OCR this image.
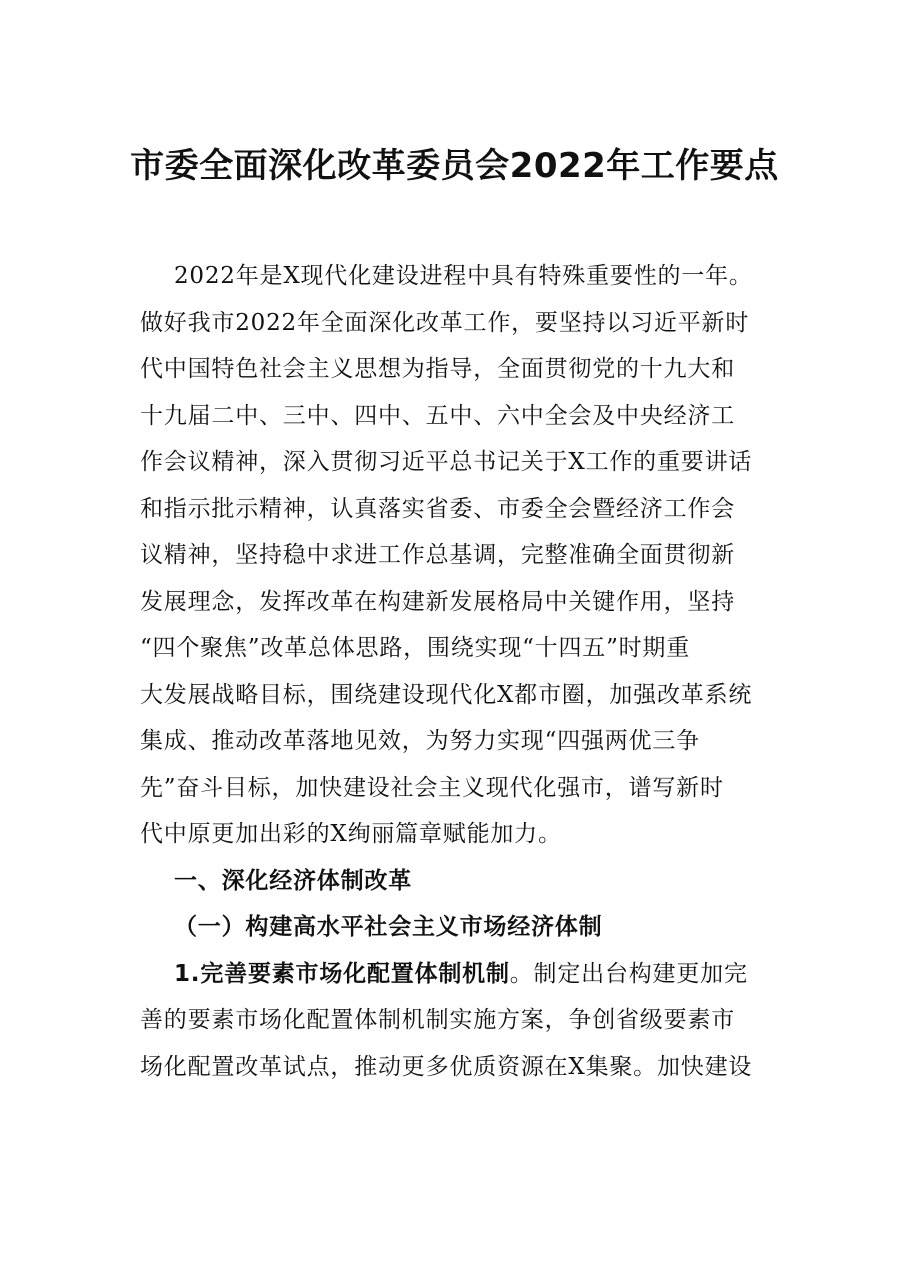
市委全面深化改革委员会2022年工作要点
2022年是X现代化建设进程中具有特殊重要性的一年。
做好我市2022年全面深化改革工作，要坚持以习近平新时
代中国特色社会主义思想为指导，全面贯彻党的十九大和
十九届二中、三中、四中、五中、六中全会及中央经济工
作会议精神，深入贯彻习近平总书记关于X工作的重要讲话
和指示批示精神，认真落实省委、市委全会暨经济工作会
议精神，坚持稳中求进工作总基调，完整准确全面贯彻新
发展理念，发挥改革在构建新发展格局中关键作用，坚持
“四个聚焦”改革总体思路，围绕实现“十四五”时期重
大发展战略目标，围绕建设现代化X都市圈，加强改革系统
集成、推动改革落地见效，为努力实现“四强两优三争
先”奋斗目标，加快建设社会主义现代化强市，谱写新时
代中原更加出彩的X绚丽篇章赋能加力。
一、深化经济体制改革
（一）构建高水平社会主义市场经济体制
1.完善要素市场化配置体制机制。制定出台构建更加完
善的要素市场化配置体制机制实施方案，争创省级要素市
场化配置改革试点，推动更多优质资源在X集聚。加快建设
